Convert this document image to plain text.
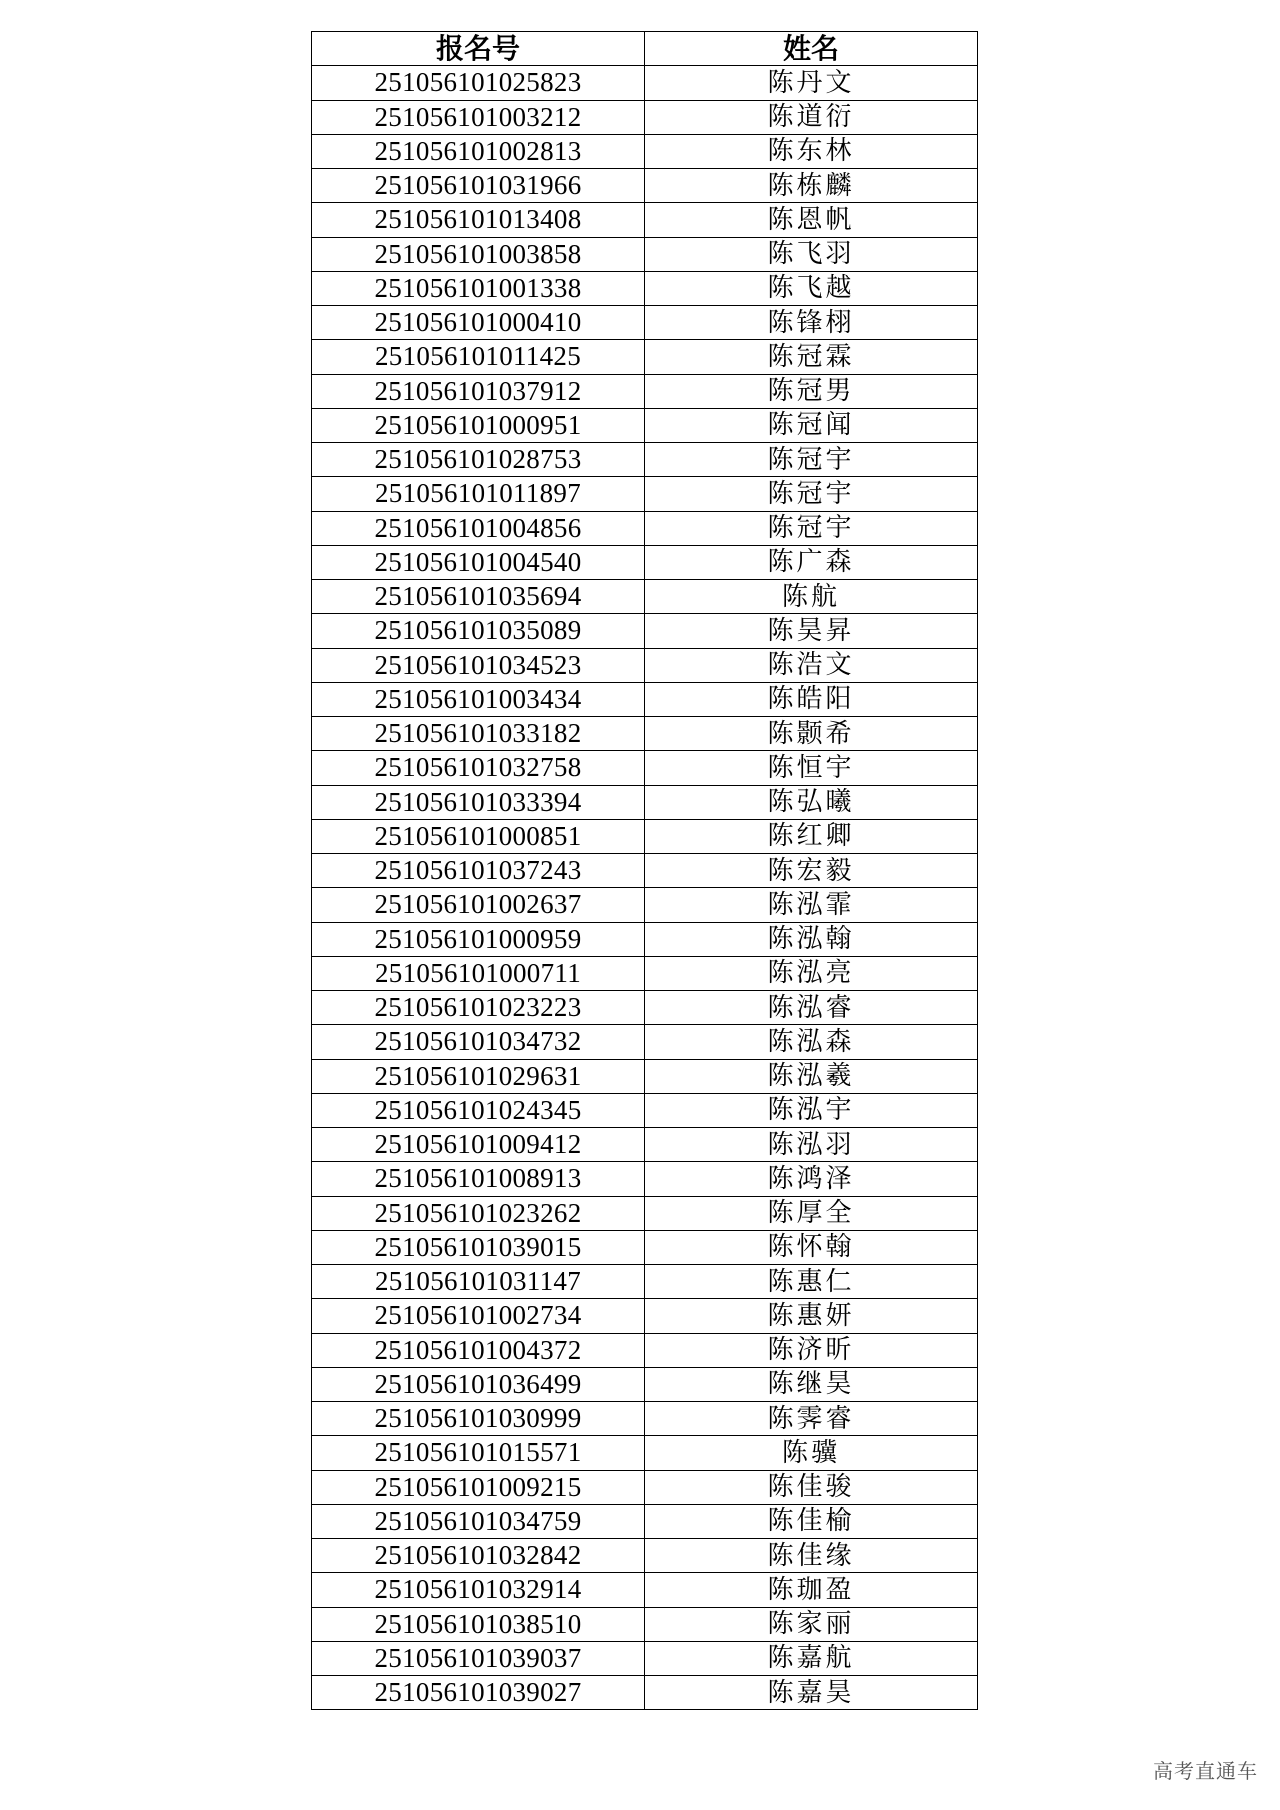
报名号	姓名
251056101025823	陈丹文
251056101003212	陈道衍
251056101002813	陈东林
251056101031966	陈栋麟
251056101013408	陈恩帆
251056101003858	陈飞羽
251056101001338	陈飞越
251056101000410	陈锋栩
251056101011425	陈冠霖
251056101037912	陈冠男
251056101000951	陈冠闻
251056101028753	陈冠宇
251056101011897	陈冠宇
251056101004856	陈冠宇
251056101004540	陈广森
251056101035694	陈航
251056101035089	陈昊昇
251056101034523	陈浩文
251056101003434	陈皓阳
251056101033182	陈颢希
251056101032758	陈恒宇
251056101033394	陈弘曦
251056101000851	陈红卿
251056101037243	陈宏毅
251056101002637	陈泓霏
251056101000959	陈泓翰
251056101000711	陈泓亮
251056101023223	陈泓睿
251056101034732	陈泓森
251056101029631	陈泓羲
251056101024345	陈泓宇
251056101009412	陈泓羽
251056101008913	陈鸿泽
251056101023262	陈厚全
251056101039015	陈怀翰
251056101031147	陈惠仁
251056101002734	陈惠妍
251056101004372	陈济昕
251056101036499	陈继昊
251056101030999	陈霁睿
251056101015571	陈骥
251056101009215	陈佳骏
251056101034759	陈佳榆
251056101032842	陈佳缘
251056101032914	陈珈盈
251056101038510	陈家丽
251056101039037	陈嘉航
251056101039027	陈嘉昊
高考直通车
